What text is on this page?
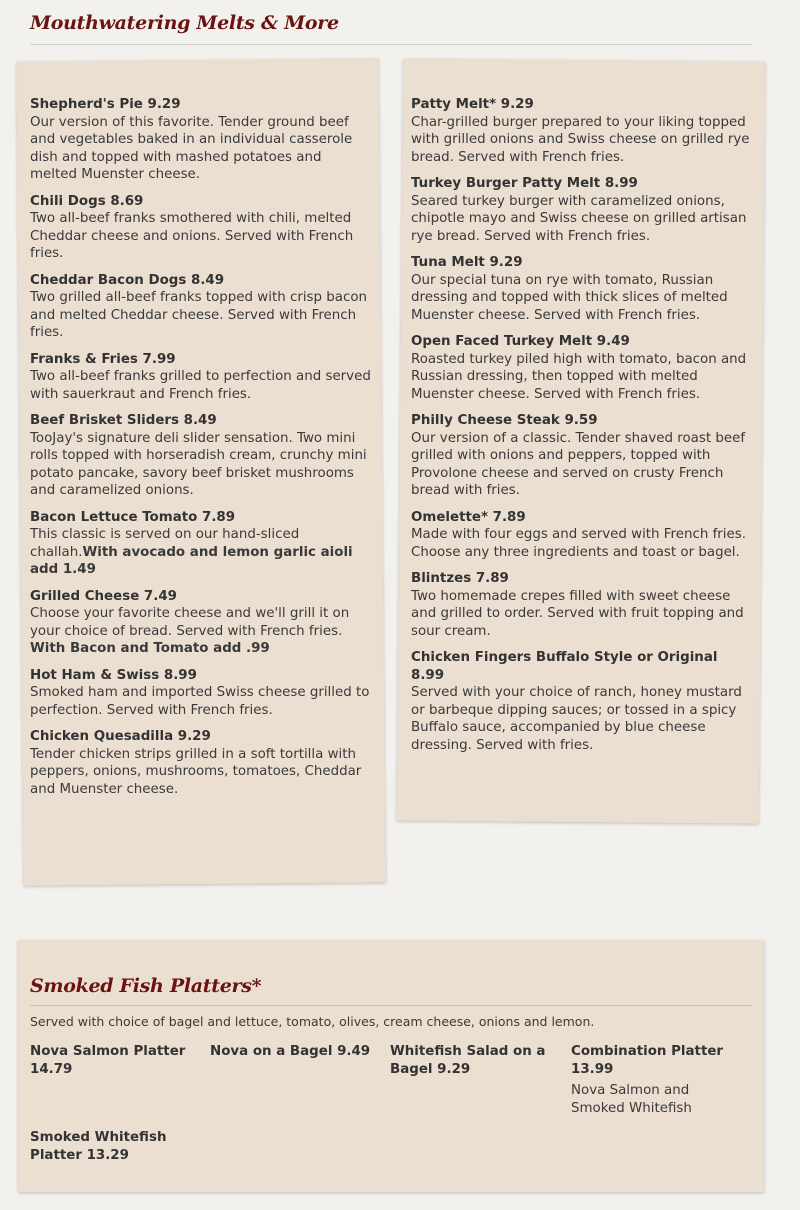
Mouthwatering Melts & More
Shepherd's Pie 9.29
Our version of this favorite. Tender ground beef and vegetables baked in an individual casserole dish and topped with mashed potatoes and melted Muenster cheese.
Chili Dogs 8.69
Two all-beef franks smothered with chili, melted Cheddar cheese and onions. Served with French fries.
Cheddar Bacon Dogs 8.49
Two grilled all-beef franks topped with crisp bacon and melted Cheddar cheese. Served with French fries.
Franks & Fries 7.99
Two all-beef franks grilled to perfection and served with sauerkraut and French fries.
Beef Brisket Sliders 8.49
TooJay's signature deli slider sensation. Two mini rolls topped with horseradish cream, crunchy mini potato pancake, savory beef brisket mushrooms and caramelized onions.
Bacon Lettuce Tomato 7.89
This classic is served on our hand-sliced challah.With avocado and lemon garlic aioli add 1.49
Grilled Cheese 7.49
Choose your favorite cheese and we'll grill it on your choice of bread. Served with French fries.
With Bacon and Tomato add .99
Hot Ham & Swiss 8.99
Smoked ham and imported Swiss cheese grilled to perfection. Served with French fries.
Chicken Quesadilla 9.29
Tender chicken strips grilled in a soft tortilla with peppers, onions, mushrooms, tomatoes, Cheddar and Muenster cheese.
Patty Melt* 9.29
Char-grilled burger prepared to your liking topped with grilled onions and Swiss cheese on grilled rye bread. Served with French fries.
Turkey Burger Patty Melt 8.99
Seared turkey burger with caramelized onions, chipotle mayo and Swiss cheese on grilled artisan rye bread. Served with French fries.
Tuna Melt 9.29
Our special tuna on rye with tomato, Russian dressing and topped with thick slices of melted Muenster cheese. Served with French fries.
Open Faced Turkey Melt 9.49
Roasted turkey piled high with tomato, bacon and Russian dressing, then topped with melted Muenster cheese. Served with French fries.
Philly Cheese Steak 9.59
Our version of a classic. Tender shaved roast beef grilled with onions and peppers, topped with Provolone cheese and served on crusty French bread with fries.
Omelette* 7.89
Made with four eggs and served with French fries. Choose any three ingredients and toast or bagel.
Blintzes 7.89
Two homemade crepes filled with sweet cheese and grilled to order. Served with fruit topping and sour cream.
Chicken Fingers Buffalo Style or Original 8.99
Served with your choice of ranch, honey mustard or barbeque dipping sauces; or tossed in a spicy Buffalo sauce, accompanied by blue cheese dressing. Served with fries.
Smoked Fish Platters*
Served with choice of bagel and lettuce, tomato, olives, cream cheese, onions and lemon.
Nova Salmon Platter 14.79
Nova on a Bagel 9.49	Whitefish Salad on a Bagel 9.29
Combination Platter 13.99
Nova Salmon and Smoked Whitefish
Smoked Whitefish Platter 13.29
